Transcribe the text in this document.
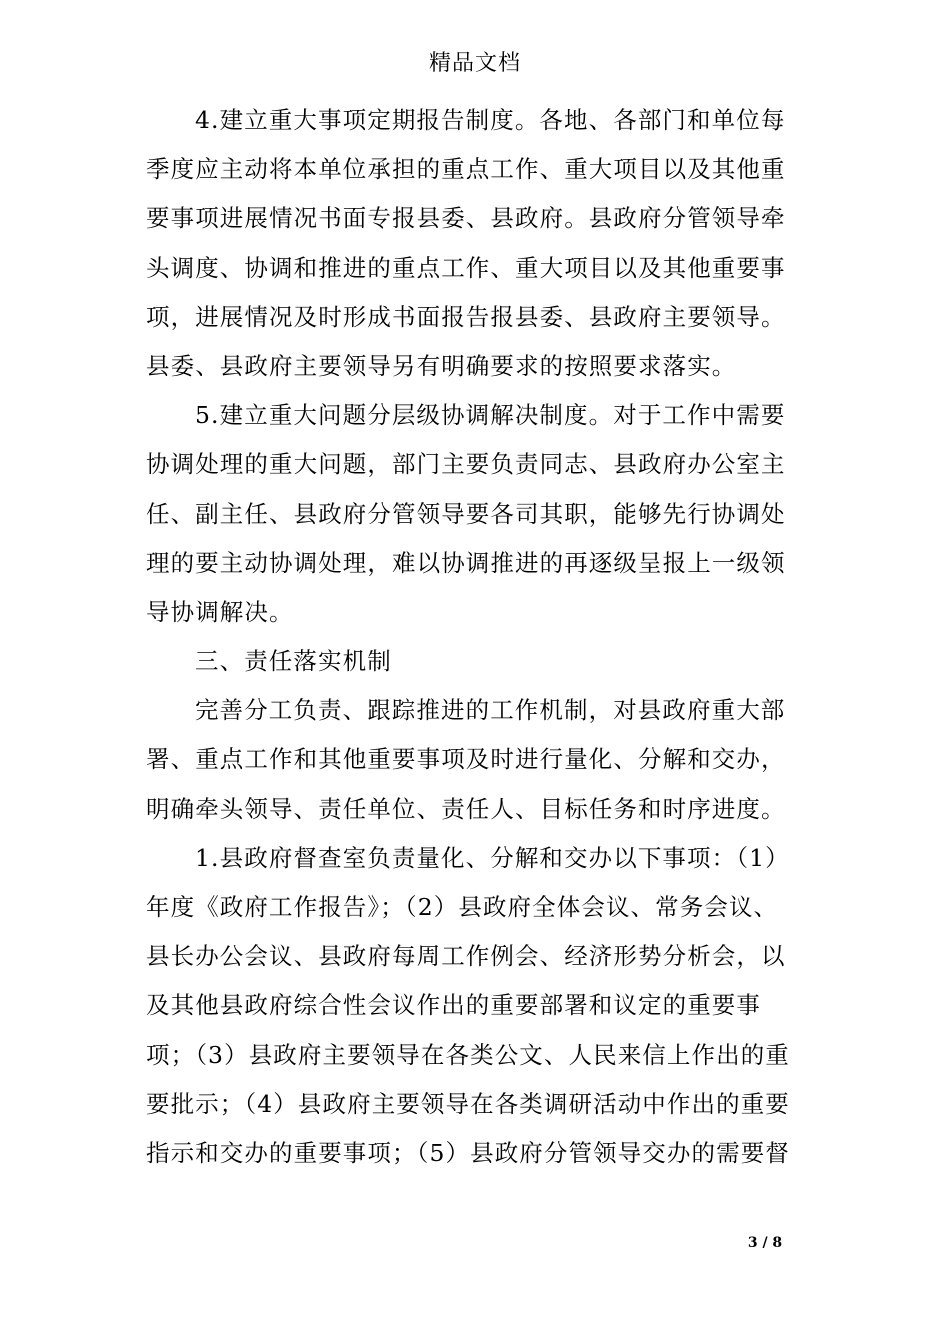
精品文档
4.建立重大事项定期报告制度。各地、各部门和单位每
季度应主动将本单位承担的重点工作、重大项目以及其他重
要事项进展情况书面专报县委、县政府。县政府分管领导牵
头调度、协调和推进的重点工作、重大项目以及其他重要事
项，进展情况及时形成书面报告报县委、县政府主要领导。
县委、县政府主要领导另有明确要求的按照要求落实。
5.建立重大问题分层级协调解决制度。对于工作中需要
协调处理的重大问题，部门主要负责同志、县政府办公室主
任、副主任、县政府分管领导要各司其职，能够先行协调处
理的要主动协调处理，难以协调推进的再逐级呈报上一级领
导协调解决。
三、责任落实机制
完善分工负责、跟踪推进的工作机制，对县政府重大部
署、重点工作和其他重要事项及时进行量化、分解和交办，
明确牵头领导、责任单位、责任人、目标任务和时序进度。
1.县政府督查室负责量化、分解和交办以下事项：（1）
年度《政府工作报告》；（2）县政府全体会议、常务会议、
县长办公会议、县政府每周工作例会、经济形势分析会，以
及其他县政府综合性会议作出的重要部署和议定的重要事
项；（3）县政府主要领导在各类公文、人民来信上作出的重
要批示；（4）县政府主要领导在各类调研活动中作出的重要
指示和交办的重要事项；（5）县政府分管领导交办的需要督
3 / 8
